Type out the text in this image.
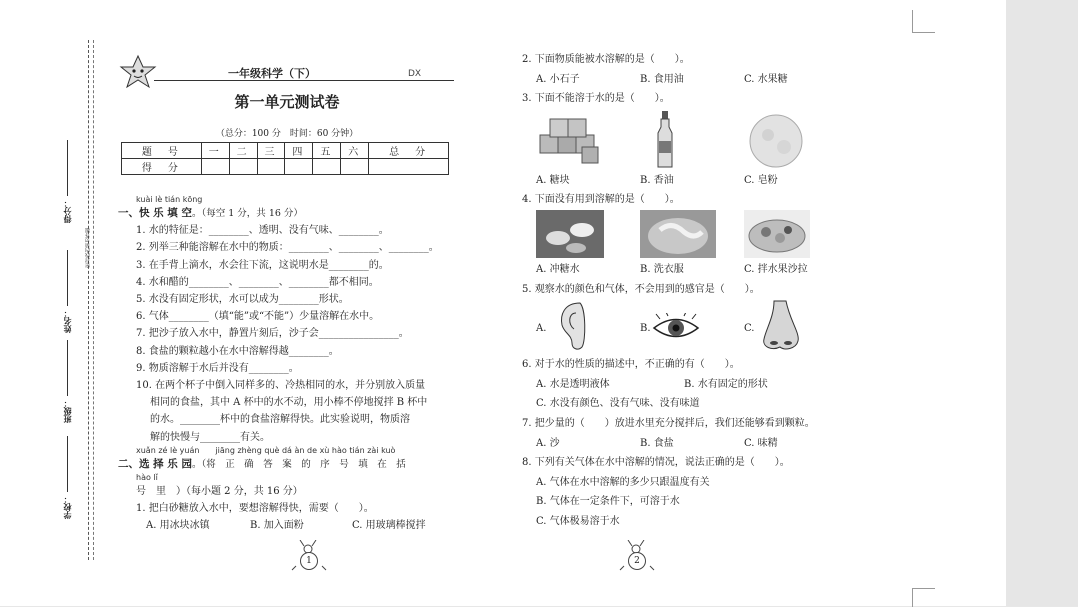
学校：
班级：
姓名：
得分：
密封线内请勿答题
一年级科学（下）	DX
第一单元测试卷
（总分：100 分　时间：60 分钟）
题　号	一	二	三	四	五	六	总　分
得　分							
kuài lè tián kōng
一、快 乐 填 空。（每空 1 分，共 16 分）
1. 水的特征是：________、透明、没有气味、________。
2. 列举三种能溶解在水中的物质：________、________、________。
3. 在手背上滴水，水会往下流，这说明水是________的。
4. 水和醋的________、________、________都不相同。
5. 水没有固定形状，水可以成为________形状。
6. 气体________（填“能”或“不能”）少量溶解在水中。
7. 把沙子放入水中，静置片刻后，沙子会________________。
8. 食盐的颗粒越小在水中溶解得越________。
9. 物质溶解于水后并没有________。
10. 在两个杯子中倒入同样多的、冷热相同的水，并分别放入质量
相同的食盐，其中 A 杯中的水不动，用小棒不停地搅拌 B 杯中
的水。________杯中的食盐溶解得快。此实验说明，物质溶
解的快慢与________有关。
xuǎn zé lè yuán　　jiāng zhèng què dá àn de xù hào tián zài kuò
二、选 择 乐 园。（将　正　确　答　案　的　序　号　填　在　括
hào lǐ
号　里　）（每小题 2 分，共 16 分）
1. 把白砂糖放入水中，要想溶解得快，需要（　　）。
A. 用冰块冰镇	B. 加入面粉	C. 用玻璃棒搅拌
2. 下面物质能被水溶解的是（　　）。
A. 小石子	B. 食用油	C. 水果糖
3. 下面不能溶于水的是（　　）。
A. 糖块	B. 香油	C. 皂粉
4. 下面没有用到溶解的是（　　）。
A. 冲糖水	B. 洗衣服	C. 拌水果沙拉
5. 观察水的颜色和气体，不会用到的感官是（　　）。
A.	B.	C.
6. 对于水的性质的描述中，不正确的有（　　）。
A. 水是透明液体	B. 水有固定的形状
C. 水没有颜色、没有气味、没有味道
7. 把少量的（　　）放进水里充分搅拌后，我们还能够看到颗粒。
A. 沙	B. 食盐	C. 味精
8. 下列有关气体在水中溶解的情况，说法正确的是（　　）。
A. 气体在水中溶解的多少只跟温度有关
B. 气体在一定条件下，可溶于水
C. 气体极易溶于水
1	2
